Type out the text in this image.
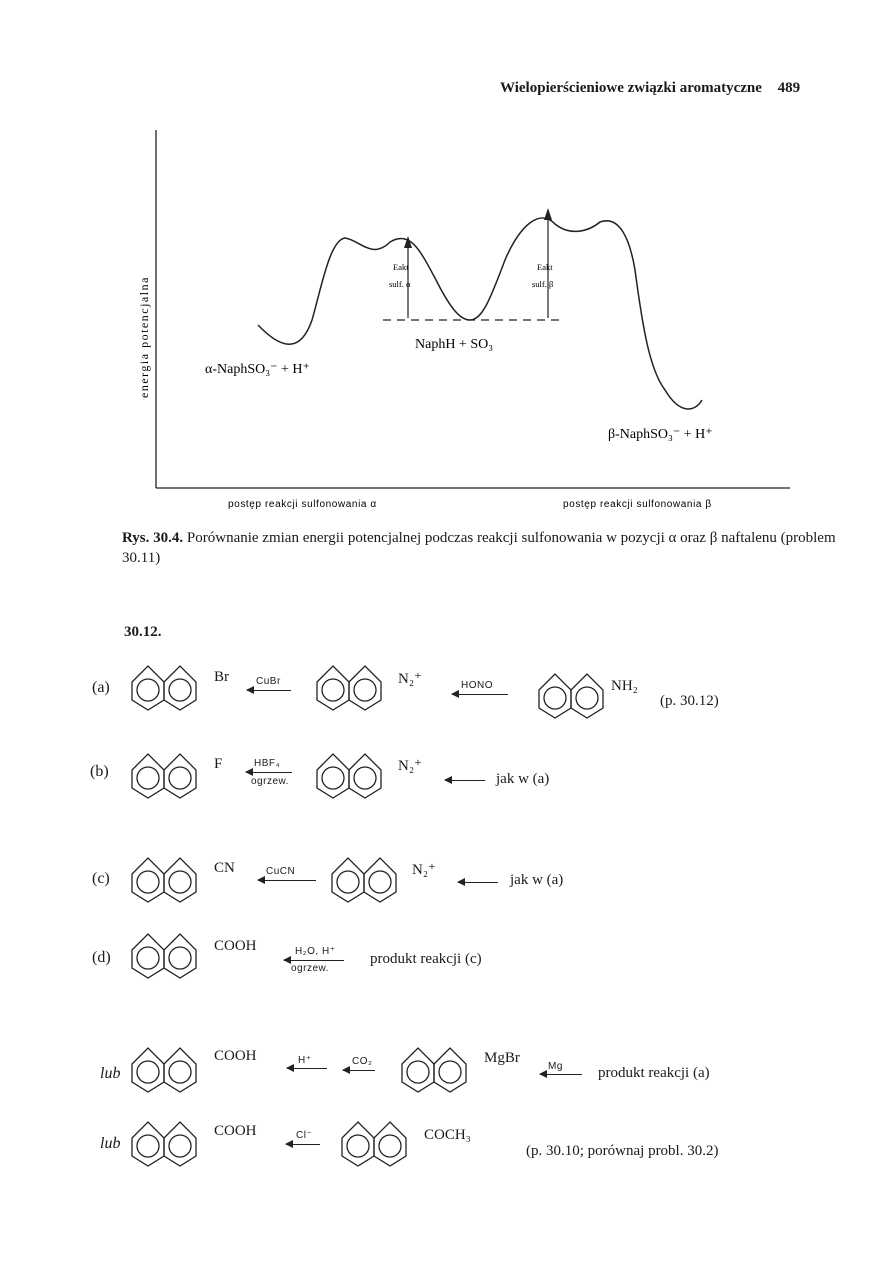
Wielopierścieniowe związki aromatyczne 489
Eakt
sulf. α
Eakt
sulf. β
NaphH + SO₃
α-NaphSO₃⁻ + H⁺
β-NaphSO₃⁻ + H⁺
energia potencjalna
postęp reakcji sulfonowania α	postęp reakcji sulfonowania β
Rys. 30.4. Porównanie zmian energii potencjalnej podczas reakcji sulfonowania w pozycji α oraz β naftalenu (problem 30.11)
30.12.
(a)
Br	CuBr	N₂⁺	HONO	NH₂
(p. 30.12)
(b)	F	HBF₄
ogrzew.
N₂⁺
jak w (a)
(c)
CN	CuCN	N₂⁺
jak w (a)
(d)
COOH	H₂O, H⁺
ogrzew.
produkt reakcji (c)
lub
COOH	H⁺	CO₂	MgBr
Mg produkt reakcji (a)
lub
COOH	Cl⁻	COCH₃
(p. 30.10; porównaj probl. 30.2)
